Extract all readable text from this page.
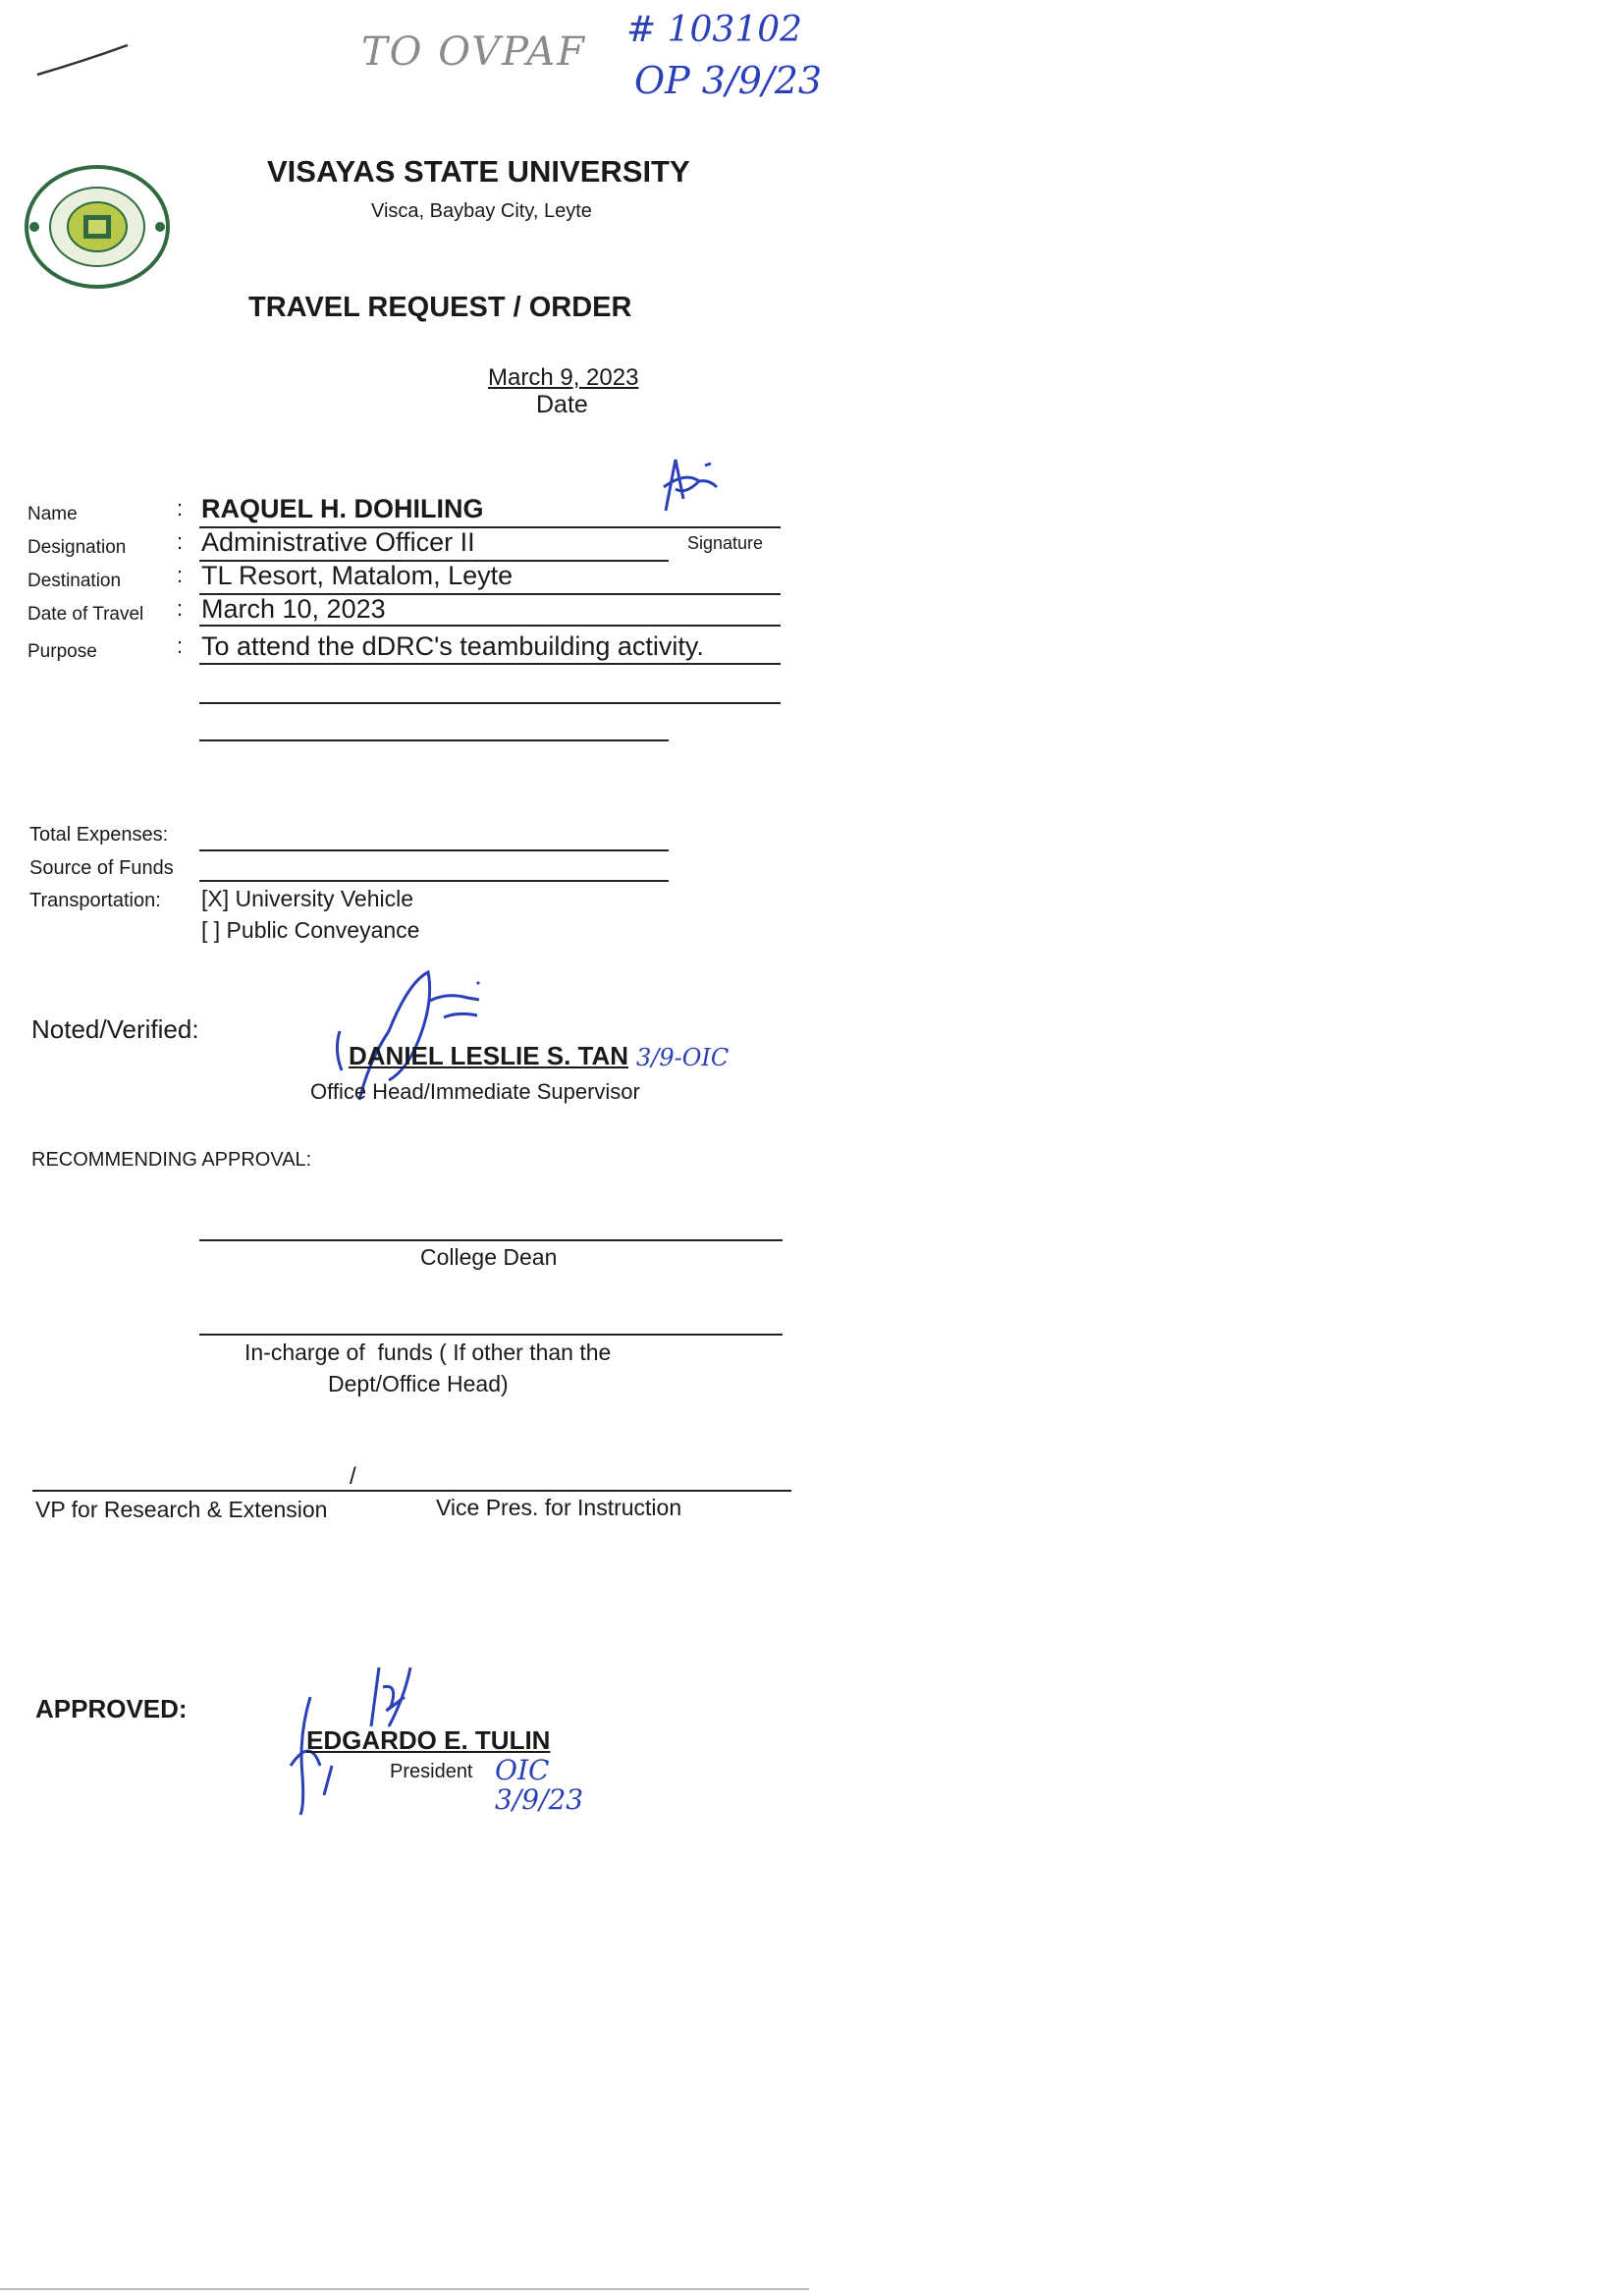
TO OVPAF # 103102
OP 3/9/23
VISAYAS STATE UNIVERSITY
Visca, Baybay City, Leyte
TRAVEL REQUEST / ORDER
March 9, 2023
Date
Name	: RAQUEL H. DOHILING
Designation : Administrative Officer II	Signature
Destination	: TL Resort, Matalom, Leyte
Date of Travel : March 10, 2023
Purpose	: To attend the dDRC's teambuilding activity.
Total Expenses:
Source of Funds
Transportation: [X] University Vehicle
[ ] Public Conveyance
Noted/Verified:
DANIEL LESLIE S. TAN 3/9-OIC
Office Head/Immediate Supervisor
RECOMMENDING APPROVAL:
College Dean
In-charge of  funds ( If other than the
Dept/Office Head)
/
VP for Research & Extension	Vice Pres. for Instruction
APPROVED:
EDGARDO E. TULIN
President OIC 3/9/23
